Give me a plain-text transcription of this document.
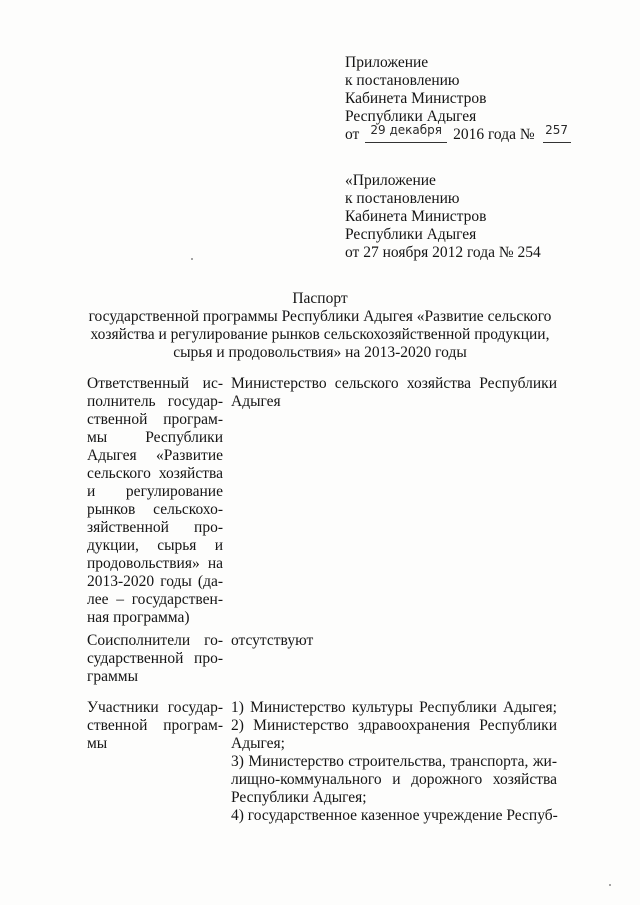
Приложение
к постановлению
Кабинета Министров
Республики Адыгея
от $^{29 декабря}$ 2016 года № $^{257}$
«Приложение
к постановлению
Кабинета Министров
Республики Адыгея
от 27 ноября 2012 года № 254
Паспорт
государственной программы Республики Адыгея «Развитие сельского
хозяйства и регулирование рынков сельскохозяйственной продукции,
сырья и продовольствия» на 2013-2020 годы
Ответственный ис-
полнитель государ-
ственной програм-
мы Республики
Адыгея «Развитие
сельского хозяйства
и регулирование
рынков сельскохо-
зяйственной про-
дукции, сырья и
продовольствия» на
2013-2020 годы (да-
лее – государствен-
ная программа)
Министерство сельского хозяйства Республики
Адыгея
Соисполнители го-
сударственной про-
граммы
отсутствуют
Участники государ-
ственной програм-
мы
1) Министерство культуры Республики Адыгея;
2) Министерство здравоохранения Республики
Адыгея;
3) Министерство строительства, транспорта, жи-
лищно-коммунального и дорожного хозяйства
Республики Адыгея;
4) государственное казенное учреждение Респуб-
